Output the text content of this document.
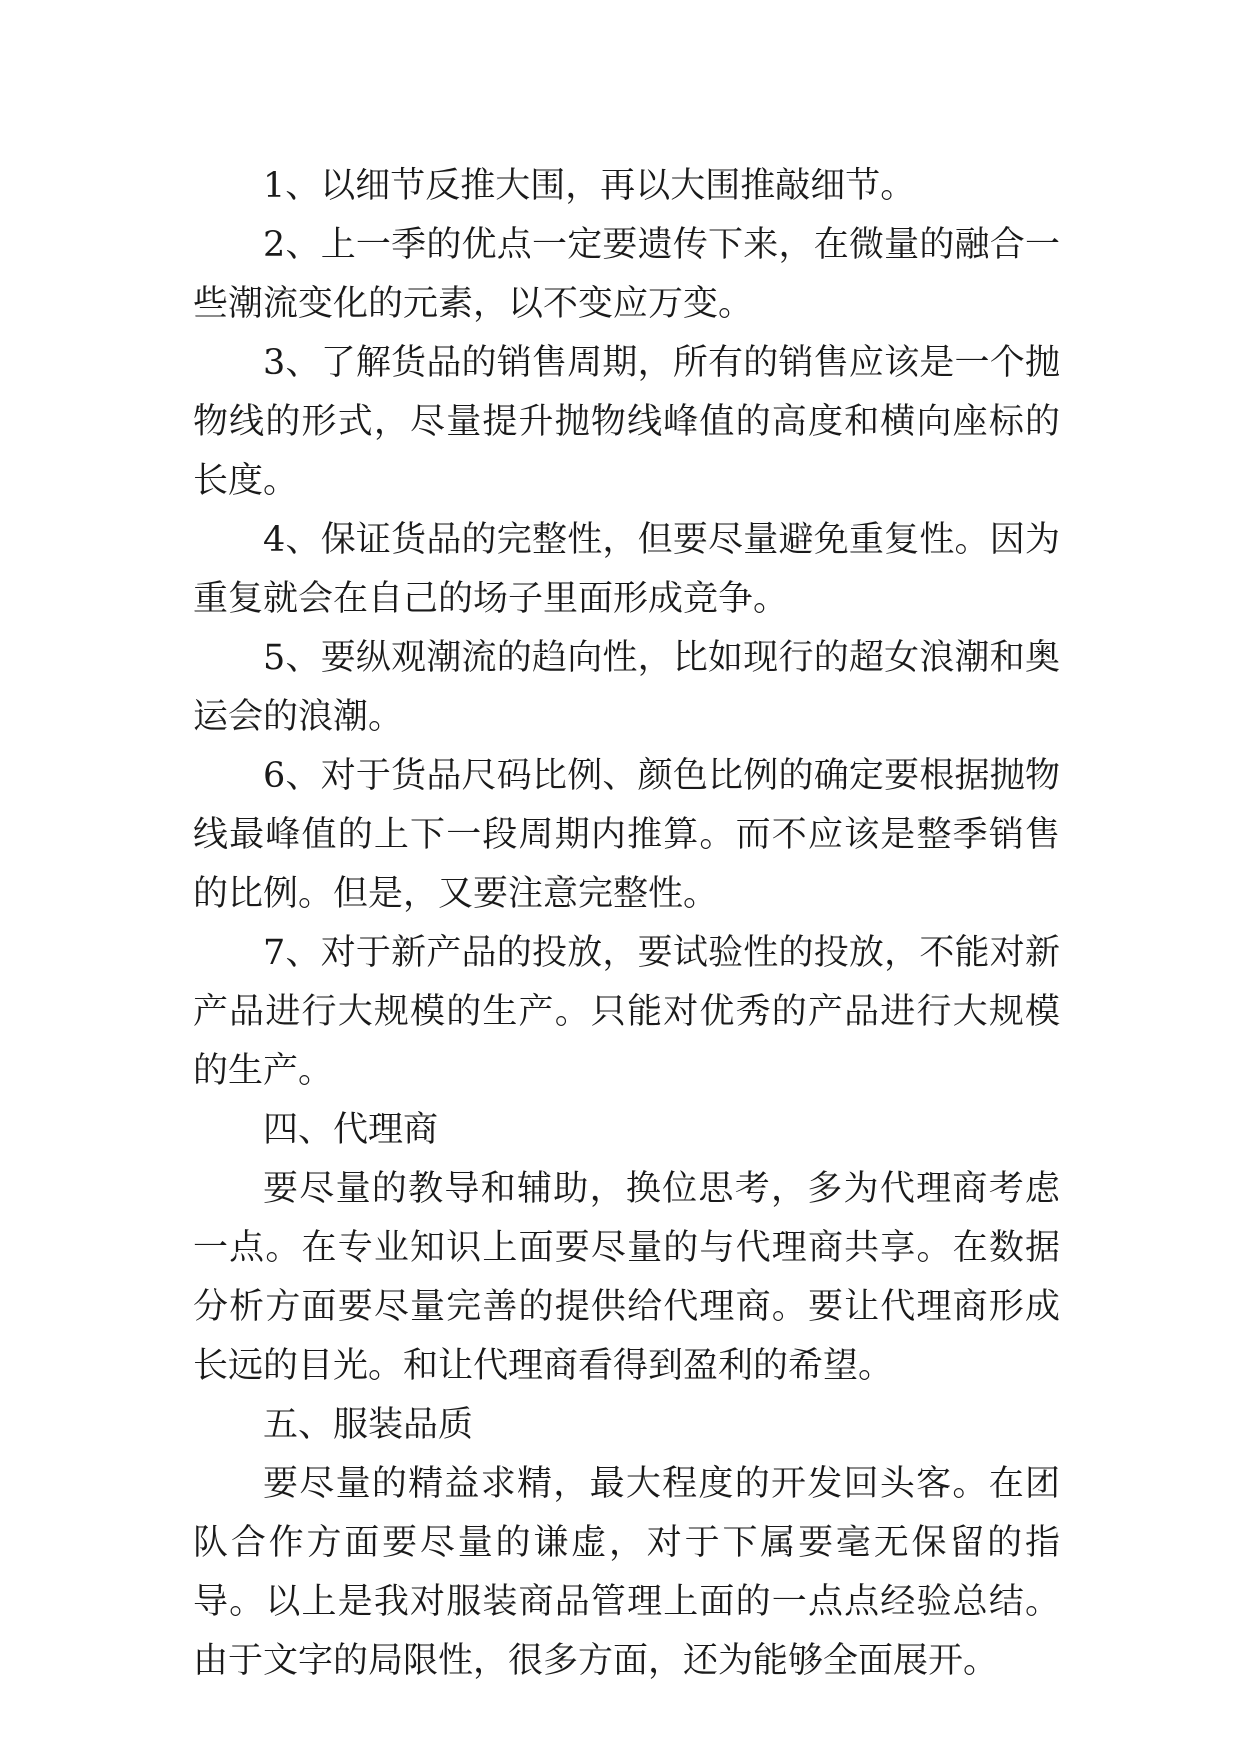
1、以细节反推大围，再以大围推敲细节。

2、上一季的优点一定要遗传下来，在微量的融合一些潮流变化的元素，以不变应万变。

3、了解货品的销售周期，所有的销售应该是一个抛物线的形式，尽量提升抛物线峰值的高度和横向座标的长度。

4、保证货品的完整性，但要尽量避免重复性。因为重复就会在自己的场子里面形成竞争。

5、要纵观潮流的趋向性，比如现行的超女浪潮和奥运会的浪潮。

6、对于货品尺码比例、颜色比例的确定要根据抛物线最峰值的上下一段周期内推算。而不应该是整季销售的比例。但是，又要注意完整性。

7、对于新产品的投放，要试验性的投放，不能对新产品进行大规模的生产。只能对优秀的产品进行大规模的生产。

四、代理商

要尽量的教导和辅助，换位思考，多为代理商考虑一点。在专业知识上面要尽量的与代理商共享。在数据分析方面要尽量完善的提供给代理商。要让代理商形成长远的目光。和让代理商看得到盈利的希望。

五、服装品质

要尽量的精益求精，最大程度的开发回头客。在团队合作方面要尽量的谦虚，对于下属要毫无保留的指导。以上是我对服装商品管理上面的一点点经验总结。由于文字的局限性，很多方面，还为能够全面展开。
